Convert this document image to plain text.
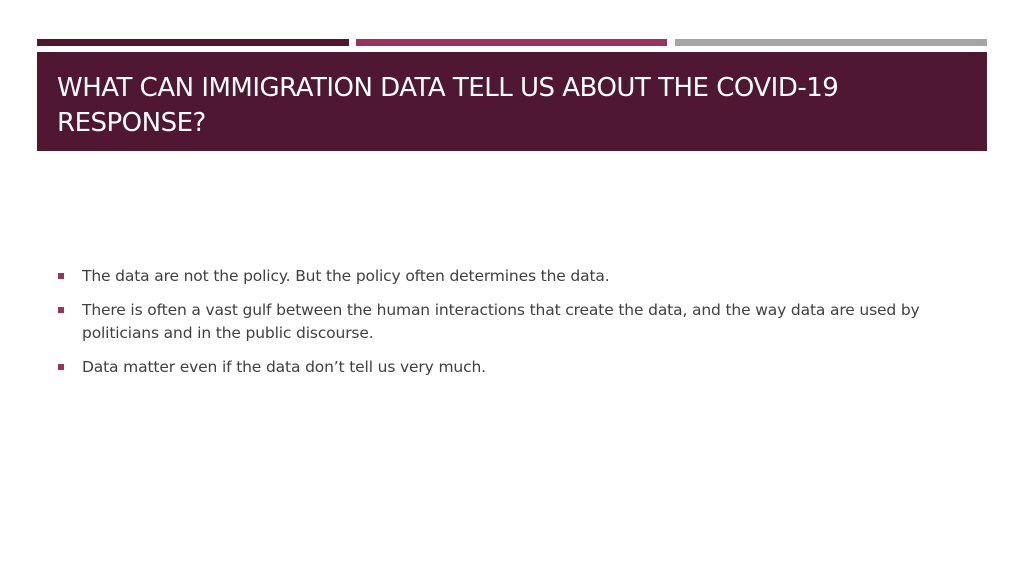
WHAT CAN IMMIGRATION DATA TELL US ABOUT THE COVID-19 RESPONSE?
The data are not the policy. But the policy often determines the data.
There is often a vast gulf between the human interactions that create the data, and the way data are used by politicians and in the public discourse.
Data matter even if the data don’t tell us very much.
